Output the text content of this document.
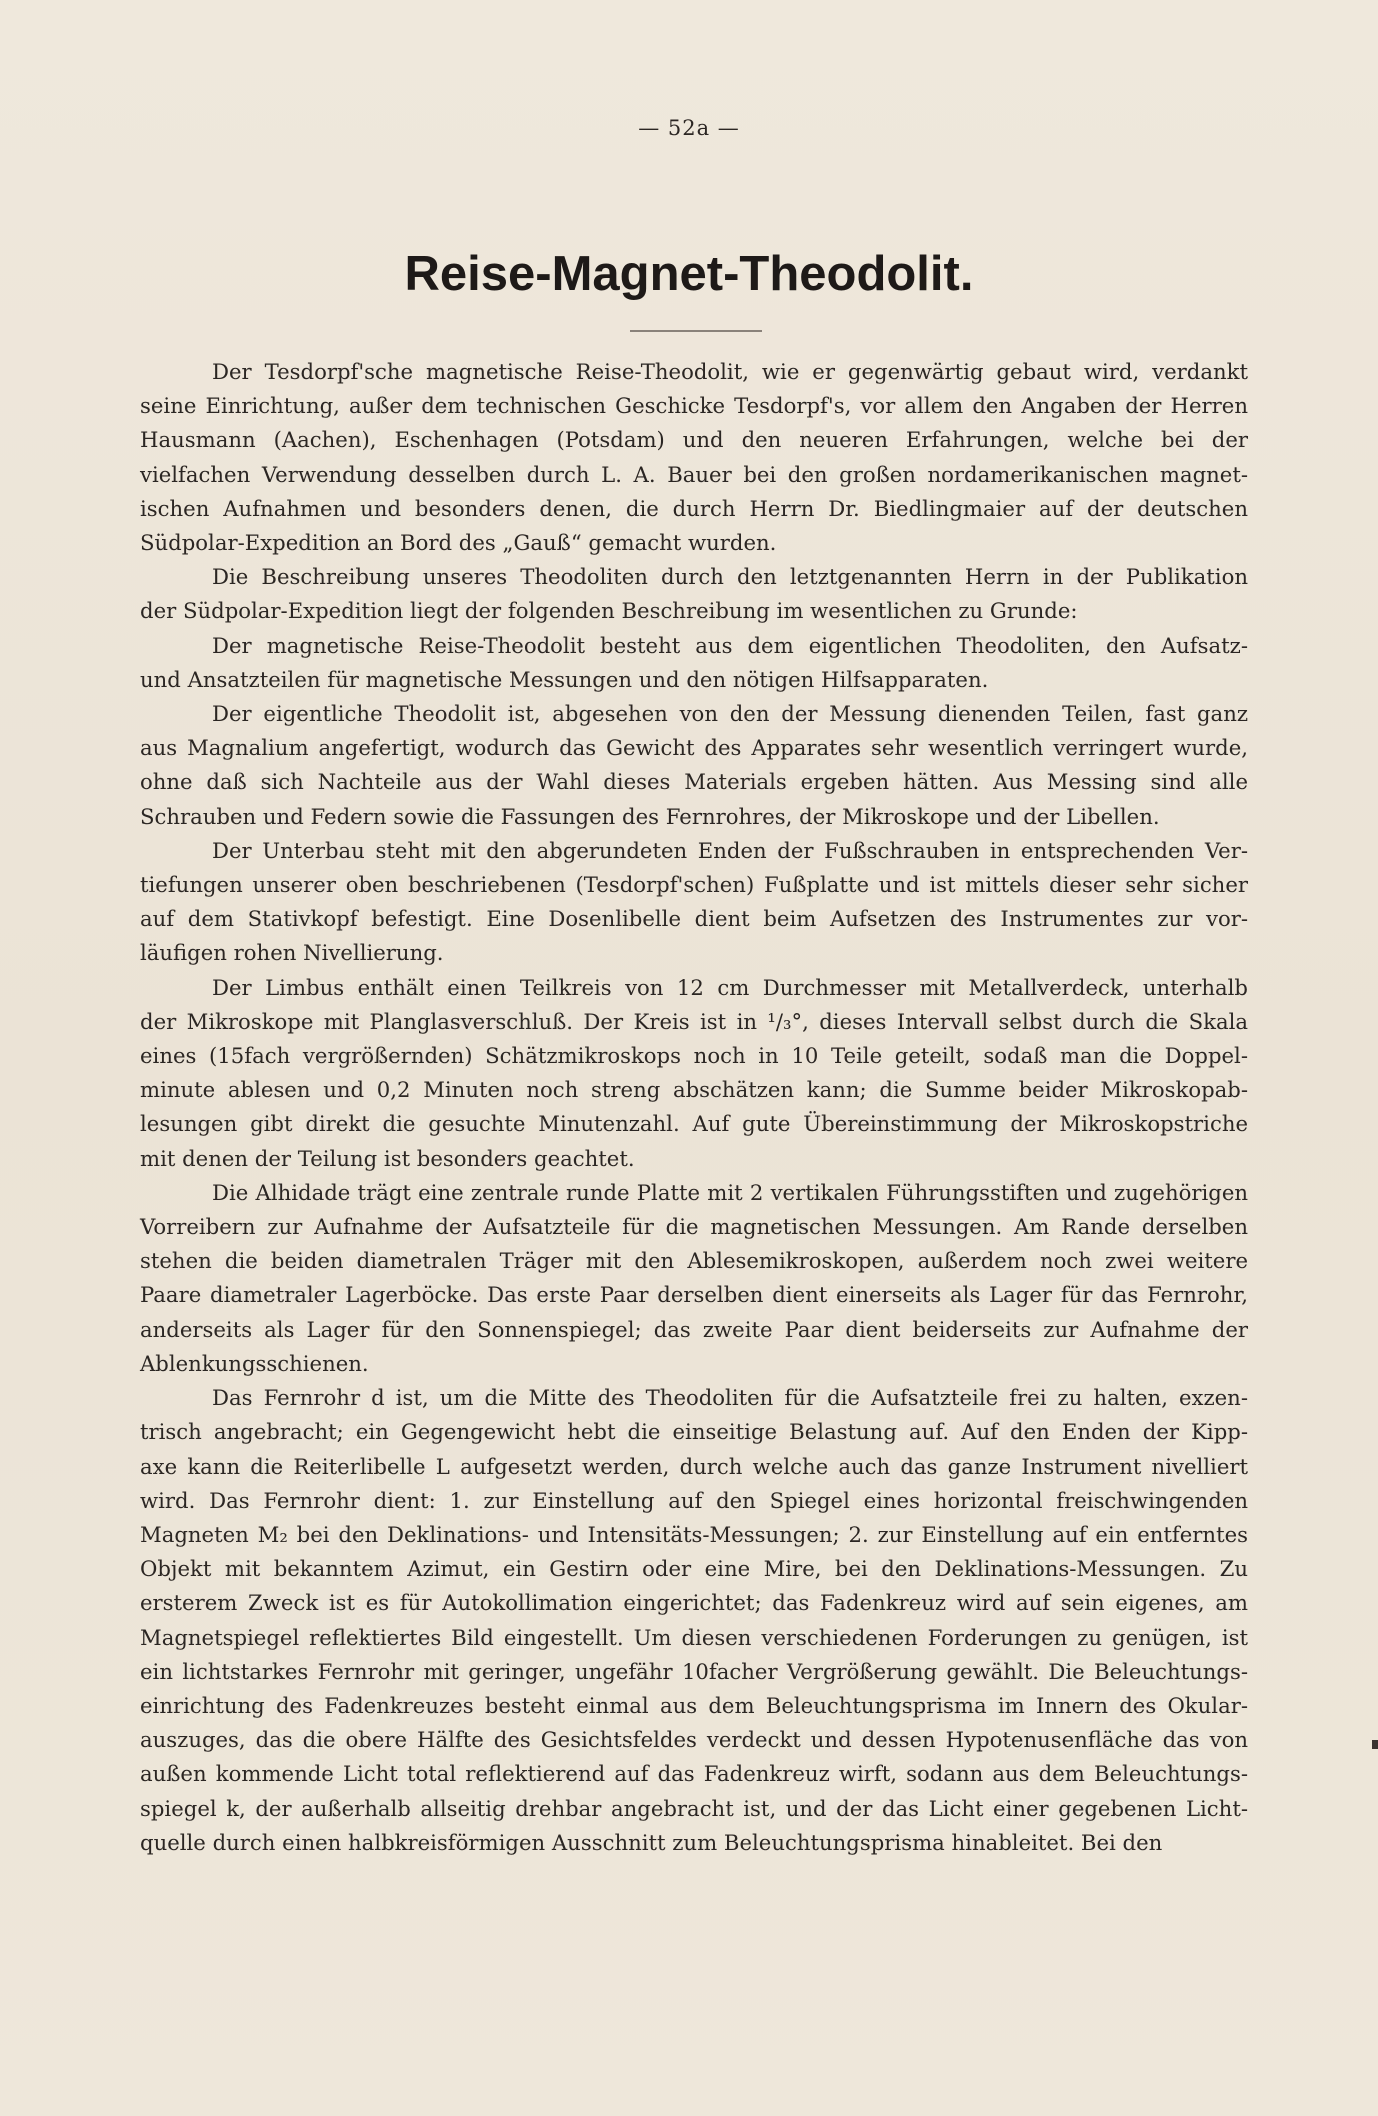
— 52a —
Reise-Magnet-Theodolit.

Der Tesdorpf'sche magnetische Reise-Theodolit, wie er gegenwärtig gebaut wird, verdankt
seine Einrichtung, außer dem technischen Geschicke Tesdorpf's, vor allem den Angaben der Herren
Hausmann (Aachen), Eschenhagen (Potsdam) und den neueren Erfahrungen, welche bei der
vielfachen Verwendung desselben durch L. A. Bauer bei den großen nordamerikanischen magnet-
ischen Aufnahmen und besonders denen, die durch Herrn Dr. Biedlingmaier auf der deutschen
Südpolar-Expedition an Bord des „Gauß“ gemacht wurden.

Die Beschreibung unseres Theodoliten durch den letztgenannten Herrn in der Publikation
der Südpolar-Expedition liegt der folgenden Beschreibung im wesentlichen zu Grunde:

Der magnetische Reise-Theodolit besteht aus dem eigentlichen Theodoliten, den Aufsatz-
und Ansatzteilen für magnetische Messungen und den nötigen Hilfsapparaten.

Der eigentliche Theodolit ist, abgesehen von den der Messung dienenden Teilen, fast ganz
aus Magnalium angefertigt, wodurch das Gewicht des Apparates sehr wesentlich verringert wurde,
ohne daß sich Nachteile aus der Wahl dieses Materials ergeben hätten. Aus Messing sind alle
Schrauben und Federn sowie die Fassungen des Fernrohres, der Mikroskope und der Libellen.

Der Unterbau steht mit den abgerundeten Enden der Fußschrauben in entsprechenden Ver-
tiefungen unserer oben beschriebenen (Tesdorpf'schen) Fußplatte und ist mittels dieser sehr sicher
auf dem Stativkopf befestigt. Eine Dosenlibelle dient beim Aufsetzen des Instrumentes zur vor-
läufigen rohen Nivellierung.

Der Limbus enthält einen Teilkreis von 12 cm Durchmesser mit Metallverdeck, unterhalb
der Mikroskope mit Planglasverschluß. Der Kreis ist in ¹/₃°, dieses Intervall selbst durch die Skala
eines (15fach vergrößernden) Schätzmikroskops noch in 10 Teile geteilt, sodaß man die Doppel-
minute ablesen und 0,2 Minuten noch streng abschätzen kann; die Summe beider Mikroskopab-
lesungen gibt direkt die gesuchte Minutenzahl. Auf gute Übereinstimmung der Mikroskopstriche
mit denen der Teilung ist besonders geachtet.

Die Alhidade trägt eine zentrale runde Platte mit 2 vertikalen Führungsstiften und zugehörigen
Vorreibern zur Aufnahme der Aufsatzteile für die magnetischen Messungen. Am Rande derselben
stehen die beiden diametralen Träger mit den Ablesemikroskopen, außerdem noch zwei weitere
Paare diametraler Lagerböcke. Das erste Paar derselben dient einerseits als Lager für das Fernrohr,
anderseits als Lager für den Sonnenspiegel; das zweite Paar dient beiderseits zur Aufnahme der
Ablenkungsschienen.

Das Fernrohr d ist, um die Mitte des Theodoliten für die Aufsatzteile frei zu halten, exzen-
trisch angebracht; ein Gegengewicht hebt die einseitige Belastung auf. Auf den Enden der Kipp-
axe kann die Reiterlibelle L aufgesetzt werden, durch welche auch das ganze Instrument nivelliert
wird. Das Fernrohr dient: 1. zur Einstellung auf den Spiegel eines horizontal freischwingenden
Magneten M₂ bei den Deklinations- und Intensitäts-Messungen; 2. zur Einstellung auf ein entferntes
Objekt mit bekanntem Azimut, ein Gestirn oder eine Mire, bei den Deklinations-Messungen. Zu
ersterem Zweck ist es für Autokollimation eingerichtet; das Fadenkreuz wird auf sein eigenes, am
Magnetspiegel reflektiertes Bild eingestellt. Um diesen verschiedenen Forderungen zu genügen, ist
ein lichtstarkes Fernrohr mit geringer, ungefähr 10facher Vergrößerung gewählt. Die Beleuchtungs-
einrichtung des Fadenkreuzes besteht einmal aus dem Beleuchtungsprisma im Innern des Okular-
auszuges, das die obere Hälfte des Gesichtsfeldes verdeckt und dessen Hypotenusenfläche das von
außen kommende Licht total reflektierend auf das Fadenkreuz wirft, sodann aus dem Beleuchtungs-
spiegel k, der außerhalb allseitig drehbar angebracht ist, und der das Licht einer gegebenen Licht-
quelle durch einen halbkreisförmigen Ausschnitt zum Beleuchtungsprisma hinableitet. Bei den
